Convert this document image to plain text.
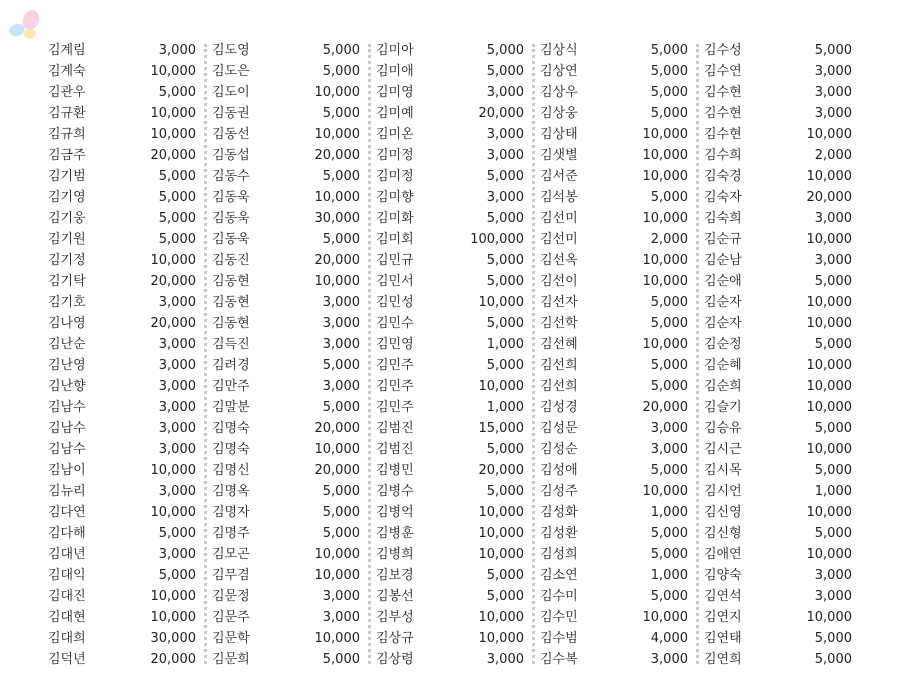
김계림	3,000
김계숙	10,000
김관우	5,000
김규환	10,000
김규희	10,000
김금주	20,000
김기범	5,000
김기영	5,000
김기웅	5,000
김기원	5,000
김기정	10,000
김기탁	20,000
김기호	3,000
김나영	20,000
김난순	3,000
김난영	3,000
김난향	3,000
김남수	3,000
김남수	3,000
김남수	3,000
김남이	10,000
김뉴리	3,000
김다연	10,000
김다해	5,000
김대년	3,000
김대익	5,000
김대진	10,000
김대현	10,000
김대희	30,000
김덕년	20,000
김도영	5,000
김도은	5,000
김도이	10,000
김동권	5,000
김동선	10,000
김동섭	20,000
김동수	5,000
김동욱	10,000
김동욱	30,000
김동욱	5,000
김동진	20,000
김동현	10,000
김동현	3,000
김동현	3,000
김득진	3,000
김려경	5,000
김만주	3,000
김말분	5,000
김명숙	20,000
김명숙	10,000
김명신	20,000
김명옥	5,000
김명자	5,000
김명주	5,000
김모곤	10,000
김무겸	10,000
김문정	3,000
김문주	3,000
김문학	10,000
김문희	5,000
김미아	5,000
김미애	5,000
김미영	3,000
김미예	20,000
김미온	3,000
김미정	3,000
김미정	5,000
김미향	3,000
김미화	5,000
김미회	100,000
김민규	5,000
김민서	5,000
김민성	10,000
김민수	5,000
김민영	1,000
김민주	5,000
김민주	10,000
김민주	1,000
김범진	15,000
김범진	5,000
김병민	20,000
김병수	5,000
김병억	10,000
김병훈	10,000
김병희	10,000
김보경	5,000
김봉선	5,000
김부성	10,000
김상규	10,000
김상령	3,000
김상식	5,000
김상연	5,000
김상우	5,000
김상웅	5,000
김상태	10,000
김샛별	10,000
김서준	10,000
김석봉	5,000
김선미	10,000
김선미	2,000
김선옥	10,000
김선이	10,000
김선자	5,000
김선학	5,000
김선혜	10,000
김선희	5,000
김선희	5,000
김성경	20,000
김성문	3,000
김성순	3,000
김성애	5,000
김성주	10,000
김성화	1,000
김성환	5,000
김성희	5,000
김소연	1,000
김수미	5,000
김수민	10,000
김수범	4,000
김수복	3,000
김수성	5,000
김수연	3,000
김수현	3,000
김수현	3,000
김수현	10,000
김수희	2,000
김숙경	10,000
김숙자	20,000
김숙희	3,000
김순규	10,000
김순남	3,000
김순애	5,000
김순자	10,000
김순자	10,000
김순정	5,000
김순혜	10,000
김순희	10,000
김슬기	10,000
김승유	5,000
김시근	10,000
김시목	5,000
김시언	1,000
김신영	10,000
김신형	5,000
김애연	10,000
김양숙	3,000
김연석	3,000
김연지	10,000
김연태	5,000
김연희	5,000
